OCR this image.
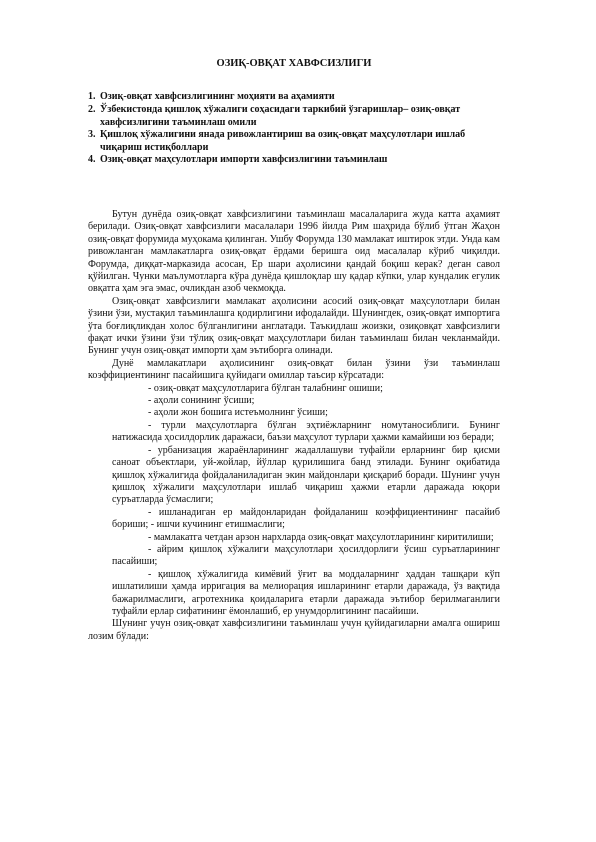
ОЗИҚ-ОВҚАТ ХАВФСИЗЛИГИ
1. Озиқ-овқат хавфсизлигининг моҳияти ва аҳамияти
2. Ўзбекистонда қишлоқ хўжалиги соҳасидаги таркибий ўзгаришлар– озиқ-овқат хавфсизлигини таъминлаш омили
3. Қишлоқ хўжалигини янада ривожлантириш ва озиқ-овқат маҳсулотлари ишлаб чиқариш истиқболлари
4. Озиқ-овқат маҳсулотлари импорти хавфсизлигини таъминлаш

Бутун дунёда озиқ-овқат хавфсизлигини таъминлаш масалаларига жуда катта аҳамият берилади. Озиқ-овқат хавфсизлиги масалалари 1996 йилда Рим шаҳрида бўлиб ўтган Жаҳон озиқ-овқат форумида муҳокама қилинган. Ушбу Форумда 130 мамлакат иштирок этди. Унда кам ривожланган мамлакатларга озиқ-овқат ёрдами беришга оид масалалар кўриб чиқилди. Форумда, диққат-марказида асосан, Ер шари аҳолисини қандай боқиш керак? деган савол қўйилган. Чунки маълумотларга кўра дунёда қишлоқлар шу қадар кўпки, улар кундалик егулик овқатга ҳам эга эмас, очликдан азоб чекмоқда.

Озиқ-овқат хавфсизлиги мамлакат аҳолисини асосий озиқ-овқат маҳсулотлари билан ўзини ўзи, мустақил таъминлашга қодирлигини ифодалайди. Шунингдек, озиқ-овқат импортига ўта боғлиқликдан холос бўлганлигини англатади. Таъкидлаш жоизки, озиқовқат хавфсизлиги фақат ички ўзини ўзи тўлиқ озиқ-овқат маҳсулотлари билан таъминлаш билан чекланмайди. Бунинг учун озиқ-овқат импорти ҳам эътиборга олинади.

Дунё мамлакатлари аҳолисининг озиқ-овқат билан ўзини ўзи таъминлаш коэффициентининг пасайишига қуйидаги омиллар таъсир кўрсатади:

- озиқ-овқат маҳсулотларига бўлган талабнинг ошиши;

- аҳоли сонининг ўсиши;

- аҳоли жон бошига истеъмолнинг ўсиши;

- турли маҳсулотларга бўлган эҳтиёжларнинг номутаносиблиги. Бунинг натижасида ҳосилдорлик даражаси, баъзи маҳсулот турлари ҳажми камайиши юз беради;

- урбанизация жараёнларининг жадаллашуви туфайли ерларнинг бир қисми саноат объектлари, уй-жойлар, йўллар қурилишига банд этилади. Бунинг оқибатида қишлоқ хўжалигида фойдаланиладиган экин майдонлари қисқариб боради. Шунинг учун қишлоқ хўжалиги маҳсулотлари ишлаб чиқариш ҳажми етарли даражада юқори суръатларда ўсмаслиги;

- ишланадиган ер майдонларидан фойдаланиш коэффициентининг пасайиб бориши; - ишчи кучининг етишмаслиги;

- мамлакатга четдан арзон нархларда озиқ-овқат маҳсулотларининг киритилиши;

- айрим қишлоқ хўжалиги маҳсулотлари ҳосилдорлиги ўсиш суръатларининг пасайиши;

- қишлоқ хўжалигида кимёвий ўғит ва моддаларнинг ҳаддан ташқари кўп ишлатилиши ҳамда ирригация ва мелиорация ишларининг етарли даражада, ўз вақтида бажарилмаслиги, агротехника қоидаларига етарли даражада эътибор берилмаганлиги туфайли ерлар сифатининг ёмонлашиб, ер унумдорлигининг пасайиши.

Шунинг учун озиқ-овқат хавфсизлигини таъминлаш учун қуйидагиларни амалга ошириш лозим бўлади:
